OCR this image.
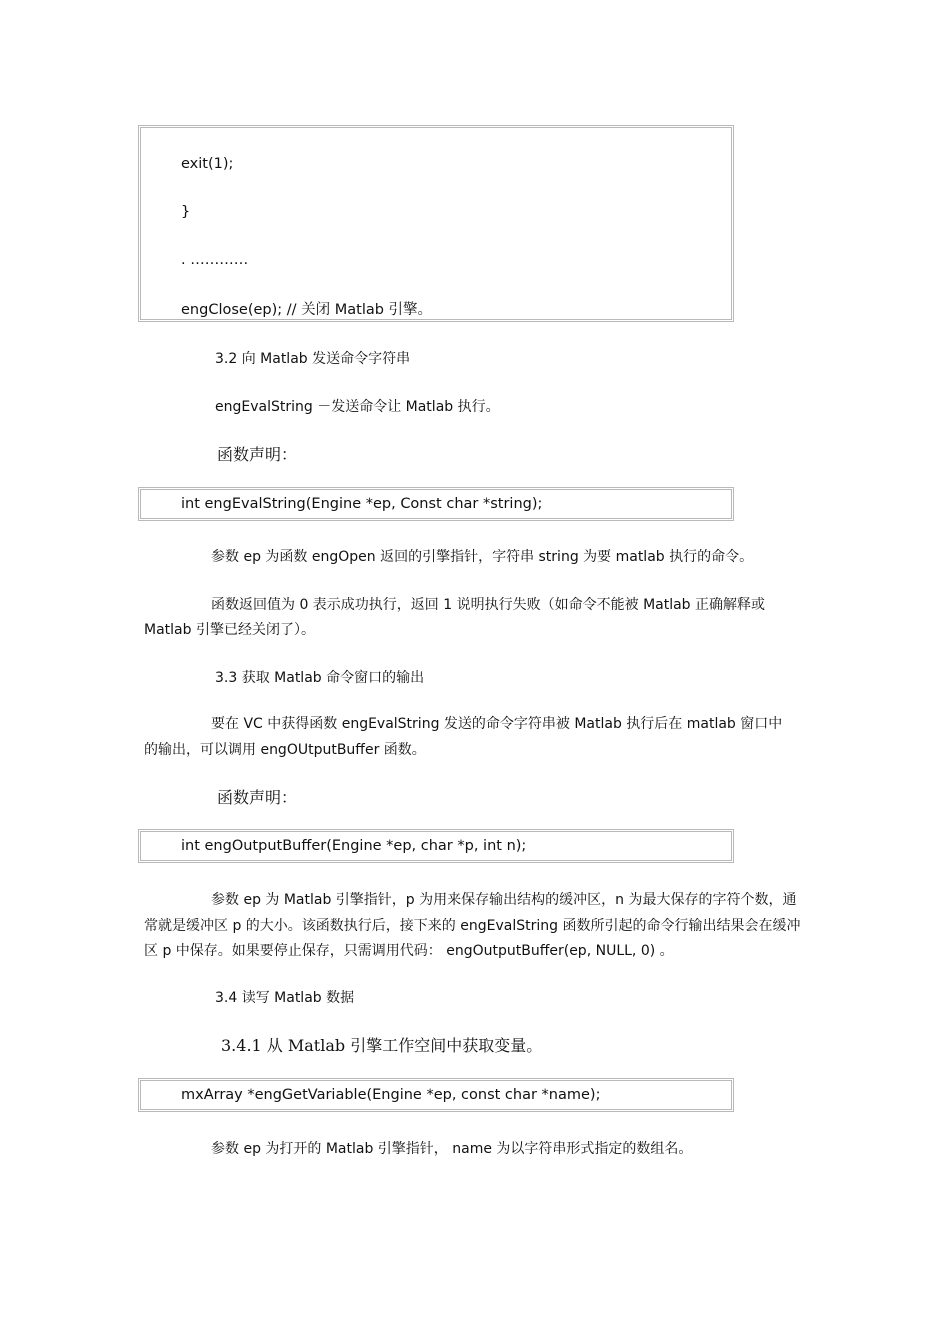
exit(1);
}
. …………
engClose(ep); // 关闭 Matlab 引擎。
3.2 向 Matlab 发送命令字符串
engEvalString －发送命令让 Matlab 执行。
函数声明：
int engEvalString(Engine *ep, Const char *string);
参数 ep 为函数 engOpen 返回的引擎指针，字符串 string 为要 matlab 执行的命令。
函数返回值为 0 表示成功执行，返回 1 说明执行失败（如命令不能被 Matlab 正确解释或
Matlab 引擎已经关闭了）。
3.3 获取 Matlab 命令窗口的输出
要在 VC 中获得函数 engEvalString 发送的命令字符串被 Matlab 执行后在 matlab 窗口中
的输出，可以调用 engOUtputBuffer 函数。
函数声明：
int engOutputBuffer(Engine *ep, char *p, int n);
参数 ep 为 Matlab 引擎指针，p 为用来保存输出结构的缓冲区，n 为最大保存的字符个数，通
常就是缓冲区 p 的大小。该函数执行后，接下来的 engEvalString 函数所引起的命令行输出结果会在缓冲
区 p 中保存。如果要停止保存，只需调用代码： engOutputBuffer(ep, NULL, 0) 。
3.4 读写 Matlab 数据
3.4.1 从 Matlab 引擎工作空间中获取变量。
mxArray *engGetVariable(Engine *ep, const char *name);
参数 ep 为打开的 Matlab 引擎指针， name 为以字符串形式指定的数组名。
